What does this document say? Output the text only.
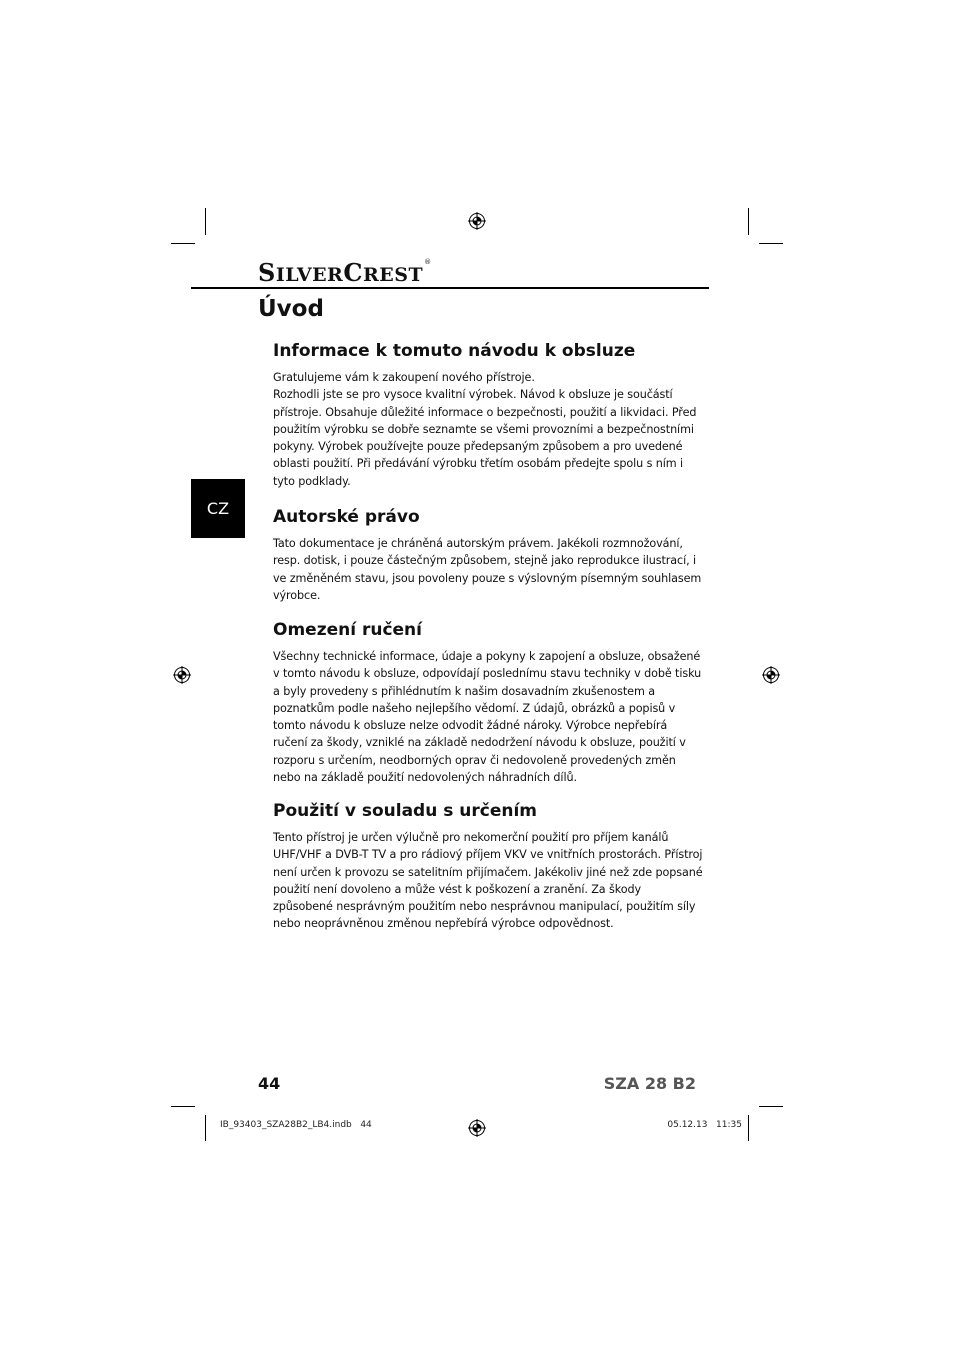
SILVERCREST®
Úvod
CZ
Informace k tomuto návodu k obsluze

Gratulujeme vám k zakoupení nového přístroje.
Rozhodli jste se pro vysoce kvalitní výrobek. Návod k obsluze je součástí přístroje. Obsahuje důležité informace o bezpečnosti, použití a likvidaci. Před použitím výrobku se dobře seznamte se všemi provozními a bezpečnostními pokyny. Výrobek používejte pouze předepsaným způsobem a pro uvedené oblasti použití. Při předávání výrobku třetím osobám předejte spolu s ním i tyto podklady.

Autorské právo

Tato dokumentace je chráněná autorským právem. Jakékoli rozmnožování, resp. dotisk, i pouze částečným způsobem, stejně jako reprodukce ilustrací, i ve změněném stavu, jsou povoleny pouze s výslovným písemným souhlasem výrobce.

Omezení ručení

Všechny technické informace, údaje a pokyny k zapojení a obsluze, obsažené v tomto návodu k obsluze, odpovídají poslednímu stavu techniky v době tisku a byly provedeny s přihlédnutím k našim dosavadním zkušenostem a poznatkům podle našeho nejlepšího vědomí. Z údajů, obrázků a popisů v tomto návodu k obsluze nelze odvodit žádné nároky. Výrobce nepřebírá ručení za škody, vzniklé na základě nedodržení návodu k obsluze, použití v rozporu s určením, neodborných oprav či nedovoleně provedených změn nebo na základě použití nedovolených náhradních dílů.

Použití v souladu s určením

Tento přístroj je určen výlučně pro nekomerční použití pro příjem kanálů UHF/VHF a DVB-T TV a pro rádiový příjem VKV ve vnitřních prostorách. Přístroj není určen k provozu se satelitním přijímačem. Jakékoliv jiné než zde popsané použití není dovoleno a může vést k poškození a zranění. Za škody způsobené nesprávným použitím nebo nesprávnou manipulací, použitím síly nebo neoprávněnou změnou nepřebírá výrobce odpovědnost.

44	SZA 28 B2
IB_93403_SZA28B2_LB4.indb   44	05.12.13   11:35
